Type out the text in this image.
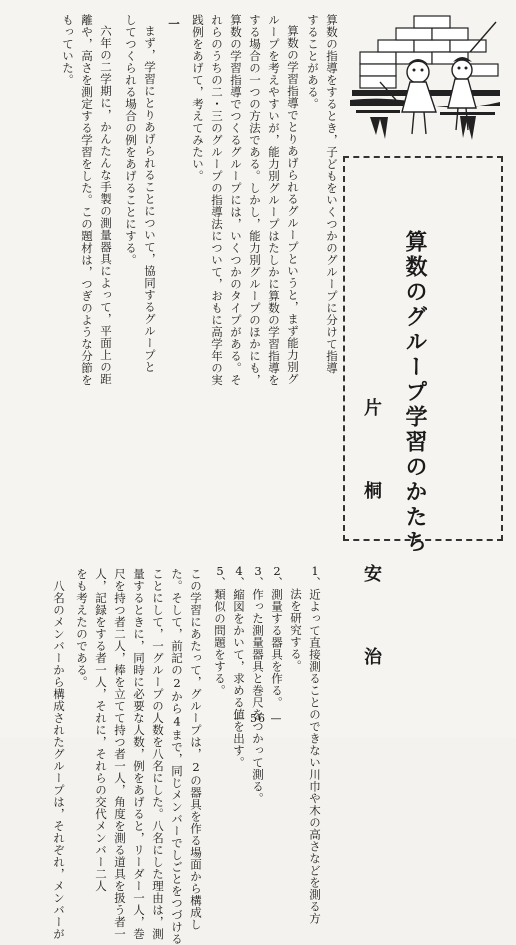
算数のグループ学習のかたち
片 桐 安 治
算数の指導をするとき，子どもをいくつかのグループに分けて指導
することがある。
算数の学習指導でとりあげられるグループというと，まず能力別グ
ループを考えやすいが，能力別グループはたしかに算数の学習指導を
する場合の一つの方法である。しかし，能力別グループのほかにも，
算数の学習指導でつくるグループには，いくつかのタイプがある。そ
れらのうちの二・三のグループの指導法について，おもに高学年の実
践例をあげて，考えてみたい。
一
まず，学習にとりあげられることについて，協同するグループと
してつくられる場合の例をあげることにする。
六年の二学期に，かんたんな手製の測量器具によって，平面上の距
離や，高さを測定する学習をした。この題材は，つぎのような分節を
もっていた。
1、近よって直接測ることのできない川巾や木の高さなどを測る方
法を研究する。
2、測量する器具を作る。
3、作った測量器具と巻尺をつかって測る。
4、縮図をかいて，求める値を出す。
5、類似の問題をする。
この学習にあたって，グループは，2の器具を作る場面から構成し
た。そして，前記の2から4まで，同じメンバーでしごとをつづける
ことにして，一グループの人数を八名にした。八名にした理由は，測
量するときに，同時に必要な人数，例をあげると，リーダー一人，巻
尺を持つ者二人，棒を立てて持つ者一人，角度を測る道具を扱う者一
人，記録をする者一人，それに，それらの交代メンバー二人
をも考えたのである。
八名のメンバーから構成されたグループは，それぞれ，メンバーが	— 56 —
